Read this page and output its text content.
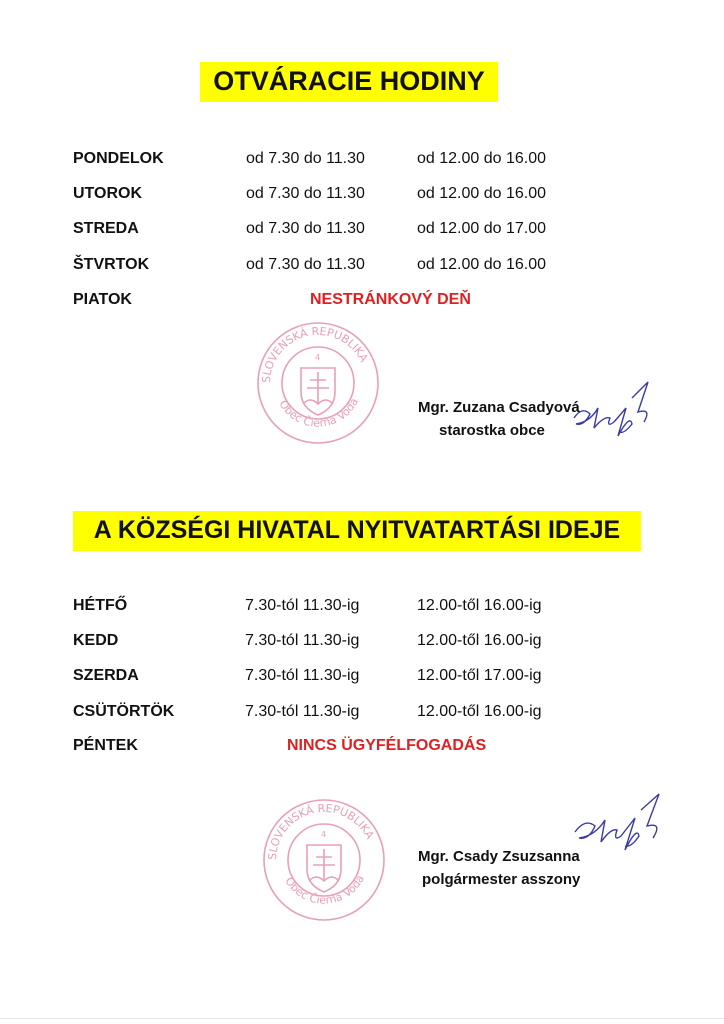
OTVÁRACIE HODINY
PONDELOK	od 7.30 do 11.30	od 12.00 do 16.00
UTOROK	od 7.30 do 11.30	od 12.00 do 16.00
STREDA	od 7.30 do 11.30	od 12.00 do 17.00
ŠTVRTOK	od 7.30 do 11.30	od 12.00 do 16.00
PIATOK	NESTRÁNKOVÝ DEŇ
SLOVENSKÁ REPUBLIKA
Obec Čierna Voda
4
Mgr. Zuzana Csadyová
starostka obce
A KÖZSÉGI HIVATAL NYITVATARTÁSI IDEJE
HÉTFŐ	7.30-tól 11.30-ig	12.00-től 16.00-ig
KEDD	7.30-tól 11.30-ig	12.00-től 16.00-ig
SZERDA	7.30-tól 11.30-ig	12.00-től 17.00-ig
CSÜTÖRTÖK	7.30-tól 11.30-ig	12.00-től 16.00-ig
PÉNTEK	NINCS ÜGYFÉLFOGADÁS
SLOVENSKÁ REPUBLIKA
Obec Čierna Voda
4
Mgr. Csady Zsuzsanna
polgármester asszony
